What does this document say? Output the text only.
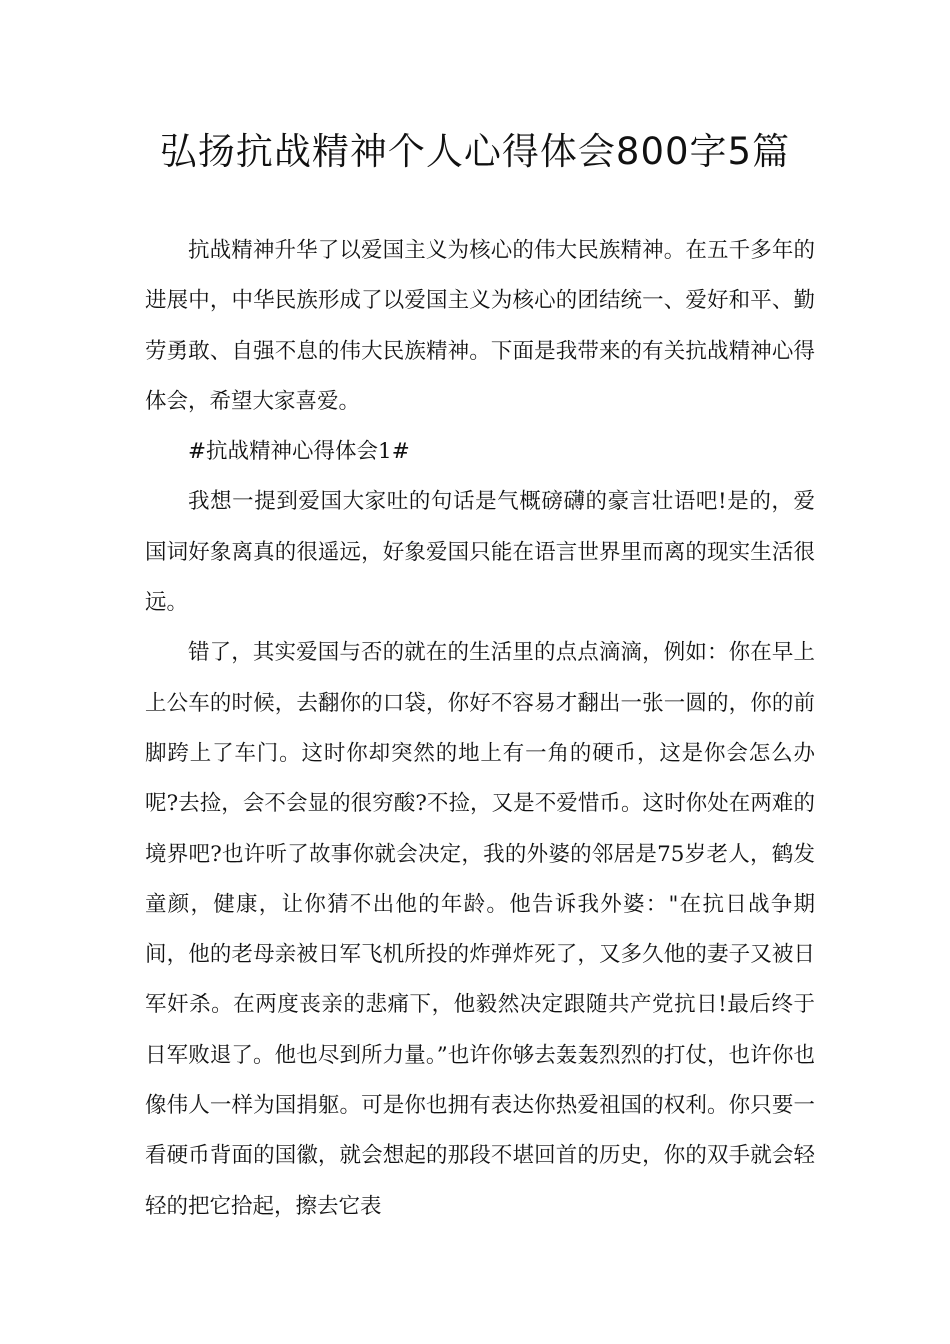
弘扬抗战精神个人心得体会800字5篇

抗战精神升华了以爱国主义为核心的伟大民族精神。在五千多年的进展中，中华民族形成了以爱国主义为核心的团结统一、爱好和平、勤劳勇敢、自强不息的伟大民族精神。下面是我带来的有关抗战精神心得体会，希望大家喜爱。

#抗战精神心得体会1#

我想一提到爱国大家吐的句话是气概磅礴的豪言壮语吧!是的，爱国词好象离真的很遥远，好象爱国只能在语言世界里而离的现实生活很远。

错了，其实爱国与否的就在的生活里的点点滴滴，例如：你在早上上公车的时候，去翻你的口袋，你好不容易才翻出一张一圆的，你的前脚跨上了车门。这时你却突然的地上有一角的硬币，这是你会怎么办呢?去捡，会不会显的很穷酸?不捡，又是不爱惜币。这时你处在两难的境界吧?也许听了故事你就会决定，我的外婆的邻居是75岁老人，鹤发童颜，健康，让你猜不出他的年龄。他告诉我外婆："在抗日战争期间，他的老母亲被日军飞机所投的炸弹炸死了，又多久他的妻子又被日军奸杀。在两度丧亲的悲痛下，他毅然决定跟随共产党抗日!最后终于日军败退了。他也尽到所力量。”也许你够去轰轰烈烈的打仗，也许你也像伟人一样为国捐躯。可是你也拥有表达你热爱祖国的权利。你只要一看硬币背面的国徽，就会想起的那段不堪回首的历史，你的双手就会轻轻的把它拾起，擦去它表
